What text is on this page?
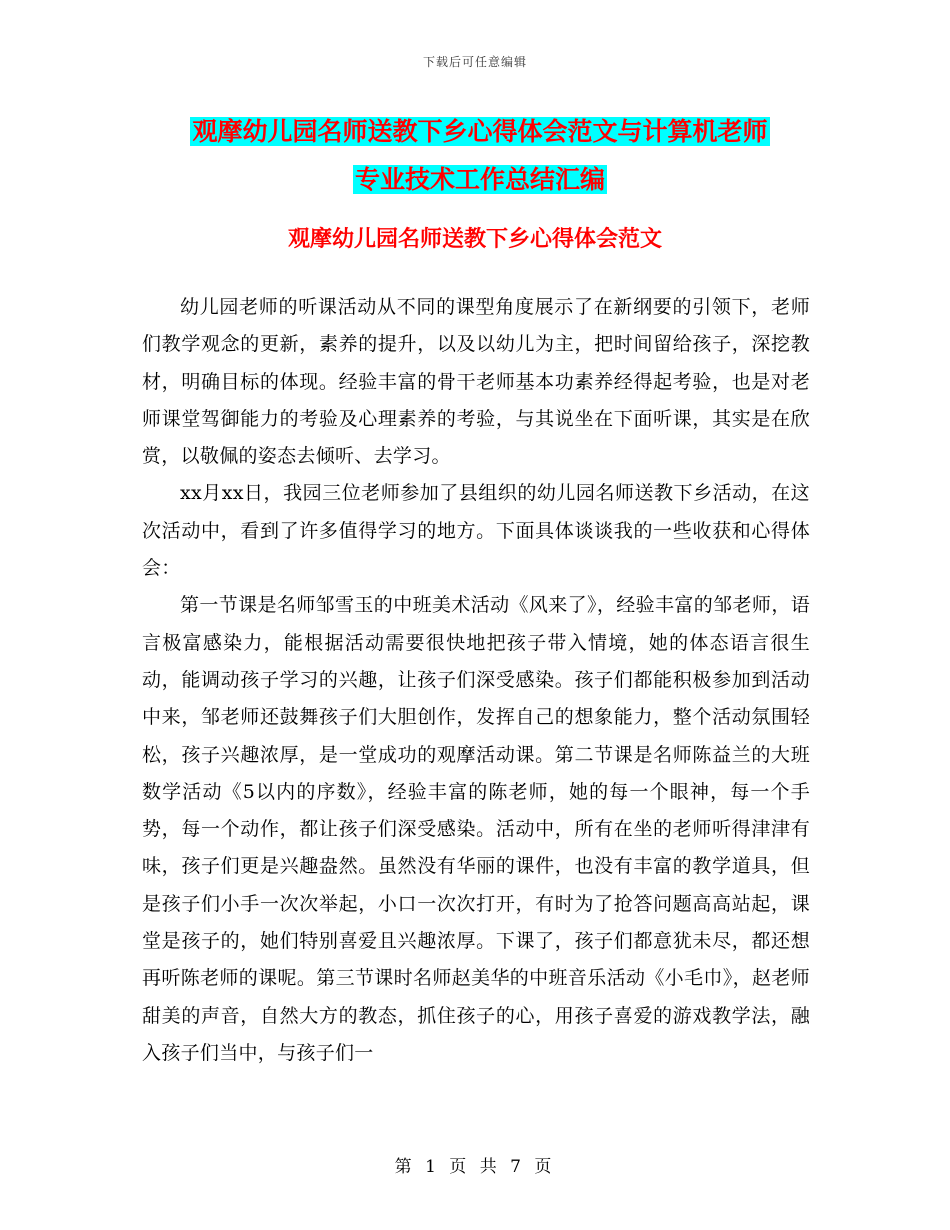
下载后可任意编辑
观摩幼儿园名师送教下乡心得体会范文与计算机老师
专业技术工作总结汇编
观摩幼儿园名师送教下乡心得体会范文

幼儿园老师的听课活动从不同的课型角度展示了在新纲要的引领下，老师们教学观念的更新，素养的提升，以及以幼儿为主，把时间留给孩子，深挖教材，明确目标的体现。经验丰富的骨干老师基本功素养经得起考验，也是对老师课堂驾御能力的考验及心理素养的考验，与其说坐在下面听课，其实是在欣赏，以敬佩的姿态去倾听、去学习。

xx月xx日，我园三位老师参加了县组织的幼儿园名师送教下乡活动，在这次活动中，看到了许多值得学习的地方。下面具体谈谈我的一些收获和心得体会：

第一节课是名师邹雪玉的中班美术活动《风来了》，经验丰富的邹老师，语言极富感染力，能根据活动需要很快地把孩子带入情境，她的体态语言很生动，能调动孩子学习的兴趣，让孩子们深受感染。孩子们都能积极参加到活动中来，邹老师还鼓舞孩子们大胆创作，发挥自己的想象能力，整个活动氛围轻松，孩子兴趣浓厚，是一堂成功的观摩活动课。第二节课是名师陈益兰的大班数学活动《5以内的序数》，经验丰富的陈老师，她的每一个眼神，每一个手势，每一个动作，都让孩子们深受感染。活动中，所有在坐的老师听得津津有味，孩子们更是兴趣盎然。虽然没有华丽的课件，也没有丰富的教学道具，但是孩子们小手一次次举起，小口一次次打开，有时为了抢答问题高高站起，课堂是孩子的，她们特别喜爱且兴趣浓厚。下课了，孩子们都意犹未尽，都还想再听陈老师的课呢。第三节课时名师赵美华的中班音乐活动《小毛巾》，赵老师甜美的声音，自然大方的教态，抓住孩子的心，用孩子喜爱的游戏教学法，融入孩子们当中，与孩子们一

第 1 页 共 7 页
